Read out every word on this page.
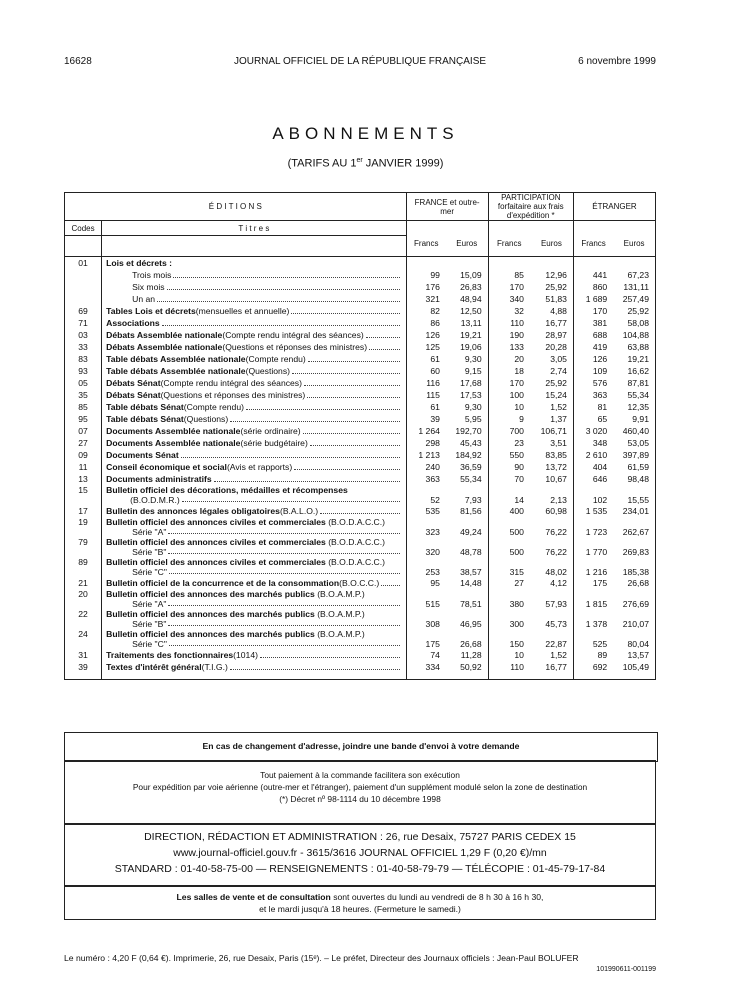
16628	JOURNAL OFFICIEL DE LA RÉPUBLIQUE FRANÇAISE	6 novembre 1999
ABONNEMENTS
(TARIFS AU 1er JANVIER 1999)
É D I T I O N S		FRANCE et outre-mer		PARTICIPATION forfaitaire aux frais d'expédition *		ÉTRANGER	
Codes	T i t r e s						
		Francs	Euros	Francs	Euros	Francs	Euros

01	Lois et décrets :						

	Trois mois	99	15,09	85	12,96	441	67,23

	Six mois	176	26,83	170	25,92	860	131,11

	Un an	321	48,94	340	51,83	1 689	257,49
69	Tables Lois et décrets (mensuelles et annuelle)	82	12,50	32	4,88	170	25,92
71	Associations	86	13,11	110	16,77	381	58,08
03	Débats Assemblée nationale (Compte rendu intégral des séances)	126	19,21	190	28,97	688	104,88
33	Débats Assemblée nationale (Questions et réponses des ministres)	125	19,06	133	20,28	419	63,88
83	Table débats Assemblée nationale (Compte rendu)	61	9,30	20	3,05	126	19,21
93	Table débats Assemblée nationale (Questions)	60	9,15	18	2,74	109	16,62
05	Débats Sénat (Compte rendu intégral des séances)	116	17,68	170	25,92	576	87,81
35	Débats Sénat (Questions et réponses des ministres)	115	17,53	100	15,24	363	55,34
85	Table débats Sénat (Compte rendu)	61	9,30	10	1,52	81	12,35
95	Table débats Sénat (Questions)	39	5,95	9	1,37	65	9,91
07	Documents Assemblée nationale (série ordinaire)	1 264	192,70	700	106,71	3 020	460,40
27	Documents Assemblée nationale (série budgétaire)	298	45,43	23	3,51	348	53,05
09	Documents Sénat	1 213	184,92	550	83,85	2 610	397,89
11	Conseil économique et social (Avis et rapports)	240	36,59	90	13,72	404	61,59
13	Documents administratifs	363	55,34	70	10,67	646	98,48
15	Bulletin officiel des décorations, médailles et récompenses
(B.O.D.M.R.)	52	7,93	14	2,13	102	15,55
17	Bulletin des annonces légales obligatoires (B.A.L.O.)	535	81,56	400	60,98	1 535	234,01
19	Bulletin officiel des annonces civiles et commerciales (B.O.D.A.C.C.)
Série "A"	323	49,24	500	76,22	1 723	262,67
79	Bulletin officiel des annonces civiles et commerciales (B.O.D.A.C.C.)
Série "B"	320	48,78	500	76,22	1 770	269,83
89	Bulletin officiel des annonces civiles et commerciales (B.O.D.A.C.C.)
Série "C"	253	38,57	315	48,02	1 216	185,38
21	Bulletin officiel de la concurrence et de la consommation (B.O.C.C.)	95	14,48	27	4,12	175	26,68
20	Bulletin officiel des annonces des marchés publics (B.O.A.M.P.)
Série "A"	515	78,51	380	57,93	1 815	276,69
22	Bulletin officiel des annonces des marchés publics (B.O.A.M.P.)
Série "B"	308	46,95	300	45,73	1 378	210,07
24	Bulletin officiel des annonces des marchés publics (B.O.A.M.P.)
Série "C"	175	26,68	150	22,87	525	80,04
31	Traitements des fonctionnaires (1014)	74	11,28	10	1,52	89	13,57
39	Textes d'intérêt général (T.I.G.)	334	50,92	110	16,77	692	105,49

En cas de changement d'adresse, joindre une bande d'envoi à votre demande
Tout paiement à la commande facilitera son exécution
Pour expédition par voie aérienne (outre-mer et l'étranger), paiement d'un supplément modulé selon la zone de destination
(*) Décret nº 98-1114 du 10 décembre 1998
DIRECTION, RÉDACTION ET ADMINISTRATION : 26, rue Desaix, 75727 PARIS CEDEX 15
www.journal-officiel.gouv.fr - 3615/3616 JOURNAL OFFICIEL 1,29 F (0,20 €)/mn
STANDARD : 01-40-58-75-00 — RENSEIGNEMENTS : 01-40-58-79-79 — TÉLÉCOPIE : 01-45-79-17-84
Les salles de vente et de consultation sont ouvertes du lundi au vendredi de 8 h 30 à 16 h 30,
et le mardi jusqu'à 18 heures. (Fermeture le samedi.)
Le numéro : 4,20 F (0,64 €). Imprimerie, 26, rue Desaix, Paris (15ᵉ). – Le préfet, Directeur des Journaux officiels : Jean-Paul BOLUFER
101990611-001199
